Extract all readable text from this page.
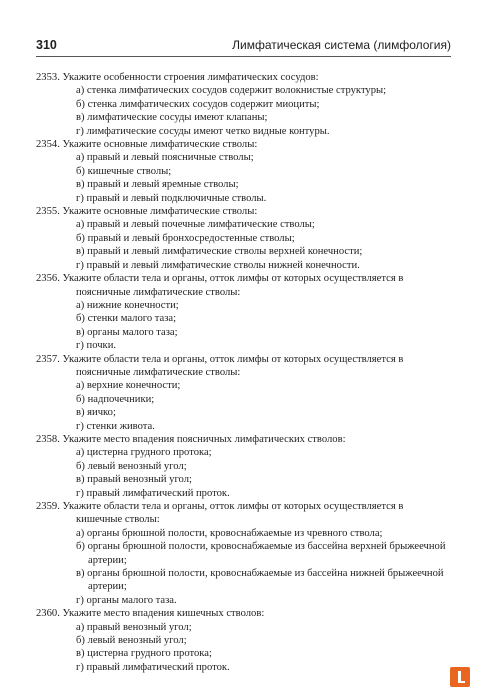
310	Лимфатическая система (лимфология)
2353. Укажите особенности строения лимфатических сосудов:
а) стенка лимфатических сосудов содержит волокнистые структуры;
б) стенка лимфатических сосудов содержит миоциты;
в) лимфатические сосуды имеют клапаны;
г) лимфатические сосуды имеют четко видные контуры.
2354. Укажите основные лимфатические стволы:
а) правый и левый поясничные стволы;
б) кишечные стволы;
в) правый и левый яремные стволы;
г) правый и левый подключичные стволы.
2355. Укажите основные лимфатические стволы:
а) правый и левый почечные лимфатические стволы;
б) правый и левый бронхосредостенные стволы;
в) правый и левый лимфатические стволы верхней конечности;
г) правый и левый лимфатические стволы нижней конечности.
2356. Укажите области тела и органы, отток лимфы от которых осуществляется в поясничные лимфатические стволы:
а) нижние конечности;
б) стенки малого таза;
в) органы малого таза;
г) почки.
2357. Укажите области тела и органы, отток лимфы от которых осуществляется в поясничные лимфатические стволы:
а) верхние конечности;
б) надпочечники;
в) яичко;
г) стенки живота.
2358. Укажите место впадения поясничных лимфатических стволов:
а) цистерна грудного протока;
б) левый венозный угол;
в) правый венозный угол;
г) правый лимфатический проток.
2359. Укажите области тела и органы, отток лимфы от которых осуществляется в кишечные стволы:
а) органы брюшной полости, кровоснабжаемые из чревного ствола;
б) органы брюшной полости, кровоснабжаемые из бассейна верхней брыжеечной артерии;
в) органы брюшной полости, кровоснабжаемые из бассейна нижней брыжеечной артерии;
г) органы малого таза.
2360. Укажите место впадения кишечных стволов:
а) правый венозный угол;
б) левый венозный угол;
в) цистерна грудного протока;
г) правый лимфатический проток.
